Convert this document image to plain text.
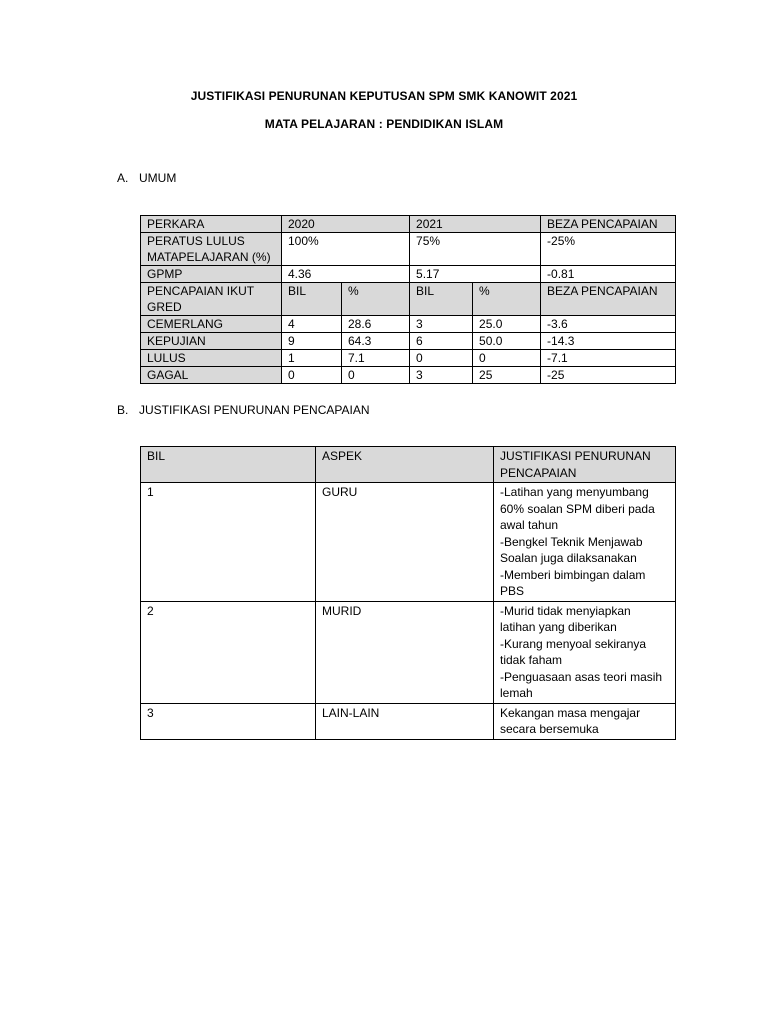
JUSTIFIKASI PENURUNAN KEPUTUSAN SPM SMK KANOWIT 2021
MATA PELAJARAN : PENDIDIKAN ISLAM
A. UMUM
PERKARA	2020		2021		BEZA PENCAPAIAN
PERATUS LULUS MATAPELAJARAN (%)	100%		75%		-25%
GPMP	4.36		5.17		-0.81
PENCAPAIAN IKUT GRED	BIL	%	BIL	%	BEZA PENCAPAIAN
CEMERLANG	4	28.6	3	25.0	-3.6
KEPUJIAN	9	64.3	6	50.0	-14.3
LULUS	1	7.1	0	0	-7.1
GAGAL	0	0	3	25	-25
B. JUSTIFIKASI PENURUNAN PENCAPAIAN
BIL	ASPEK	JUSTIFIKASI PENURUNAN PENCAPAIAN
1	GURU	-Latihan yang menyumbang 60% soalan SPM diberi pada awal tahun
-Bengkel Teknik Menjawab Soalan juga dilaksanakan
-Memberi bimbingan dalam PBS

2	MURID	-Murid tidak menyiapkan latihan yang diberikan
-Kurang menyoal sekiranya tidak faham
-Penguasaan asas teori masih lemah

3	LAIN-LAIN	Kekangan masa mengajar secara bersemuka
